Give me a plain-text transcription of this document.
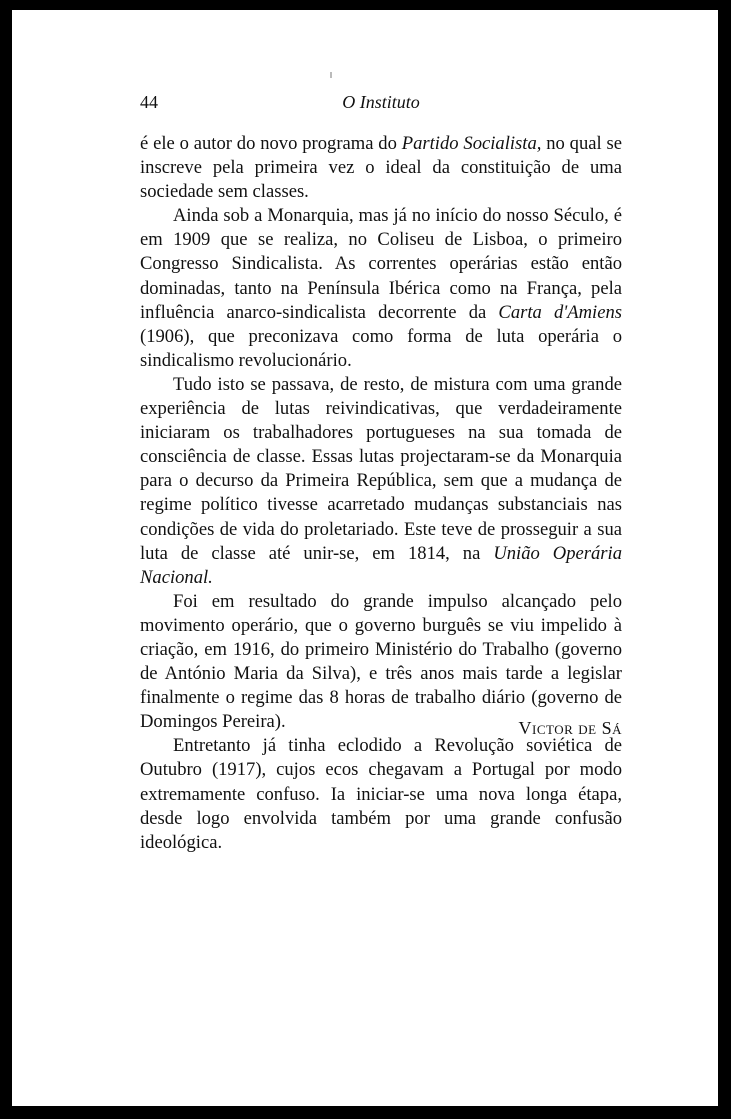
44	O Instituto

é ele o autor do novo programa do Partido Socialista, no qual se inscreve pela primeira vez o ideal da constituição de uma sociedade sem classes.

Ainda sob a Monarquia, mas já no início do nosso Século, é em 1909 que se realiza, no Coliseu de Lisboa, o primeiro Congresso Sindicalista. As correntes operárias estão então dominadas, tanto na Península Ibérica como na França, pela influência anarco-sindicalista decorrente da Carta d'Amiens (1906), que preconizava como forma de luta operária o sindicalismo revolucionário.

Tudo isto se passava, de resto, de mistura com uma grande experiência de lutas reivindicativas, que verdadeiramente iniciaram os trabalhadores portugueses na sua tomada de consciência de classe. Essas lutas projectaram-se da Monarquia para o decurso da Primeira República, sem que a mudança de regime político tivesse acarretado mudanças substanciais nas condições de vida do proletariado. Este teve de prosseguir a sua luta de classe até unir-se, em 1814, na União Operária Nacional.

Foi em resultado do grande impulso alcançado pelo movimento operário, que o governo burguês se viu impelido à criação, em 1916, do primeiro Ministério do Trabalho (governo de António Maria da Silva), e três anos mais tarde a legislar finalmente o regime das 8 horas de trabalho diário (governo de Domingos Pereira).

Entretanto já tinha eclodido a Revolução soviética de Outubro (1917), cujos ecos chegavam a Portugal por modo extremamente confuso. Ia iniciar-se uma nova longa étapa, desde logo envolvida também por uma grande confusão ideológica.

Victor de Sá
